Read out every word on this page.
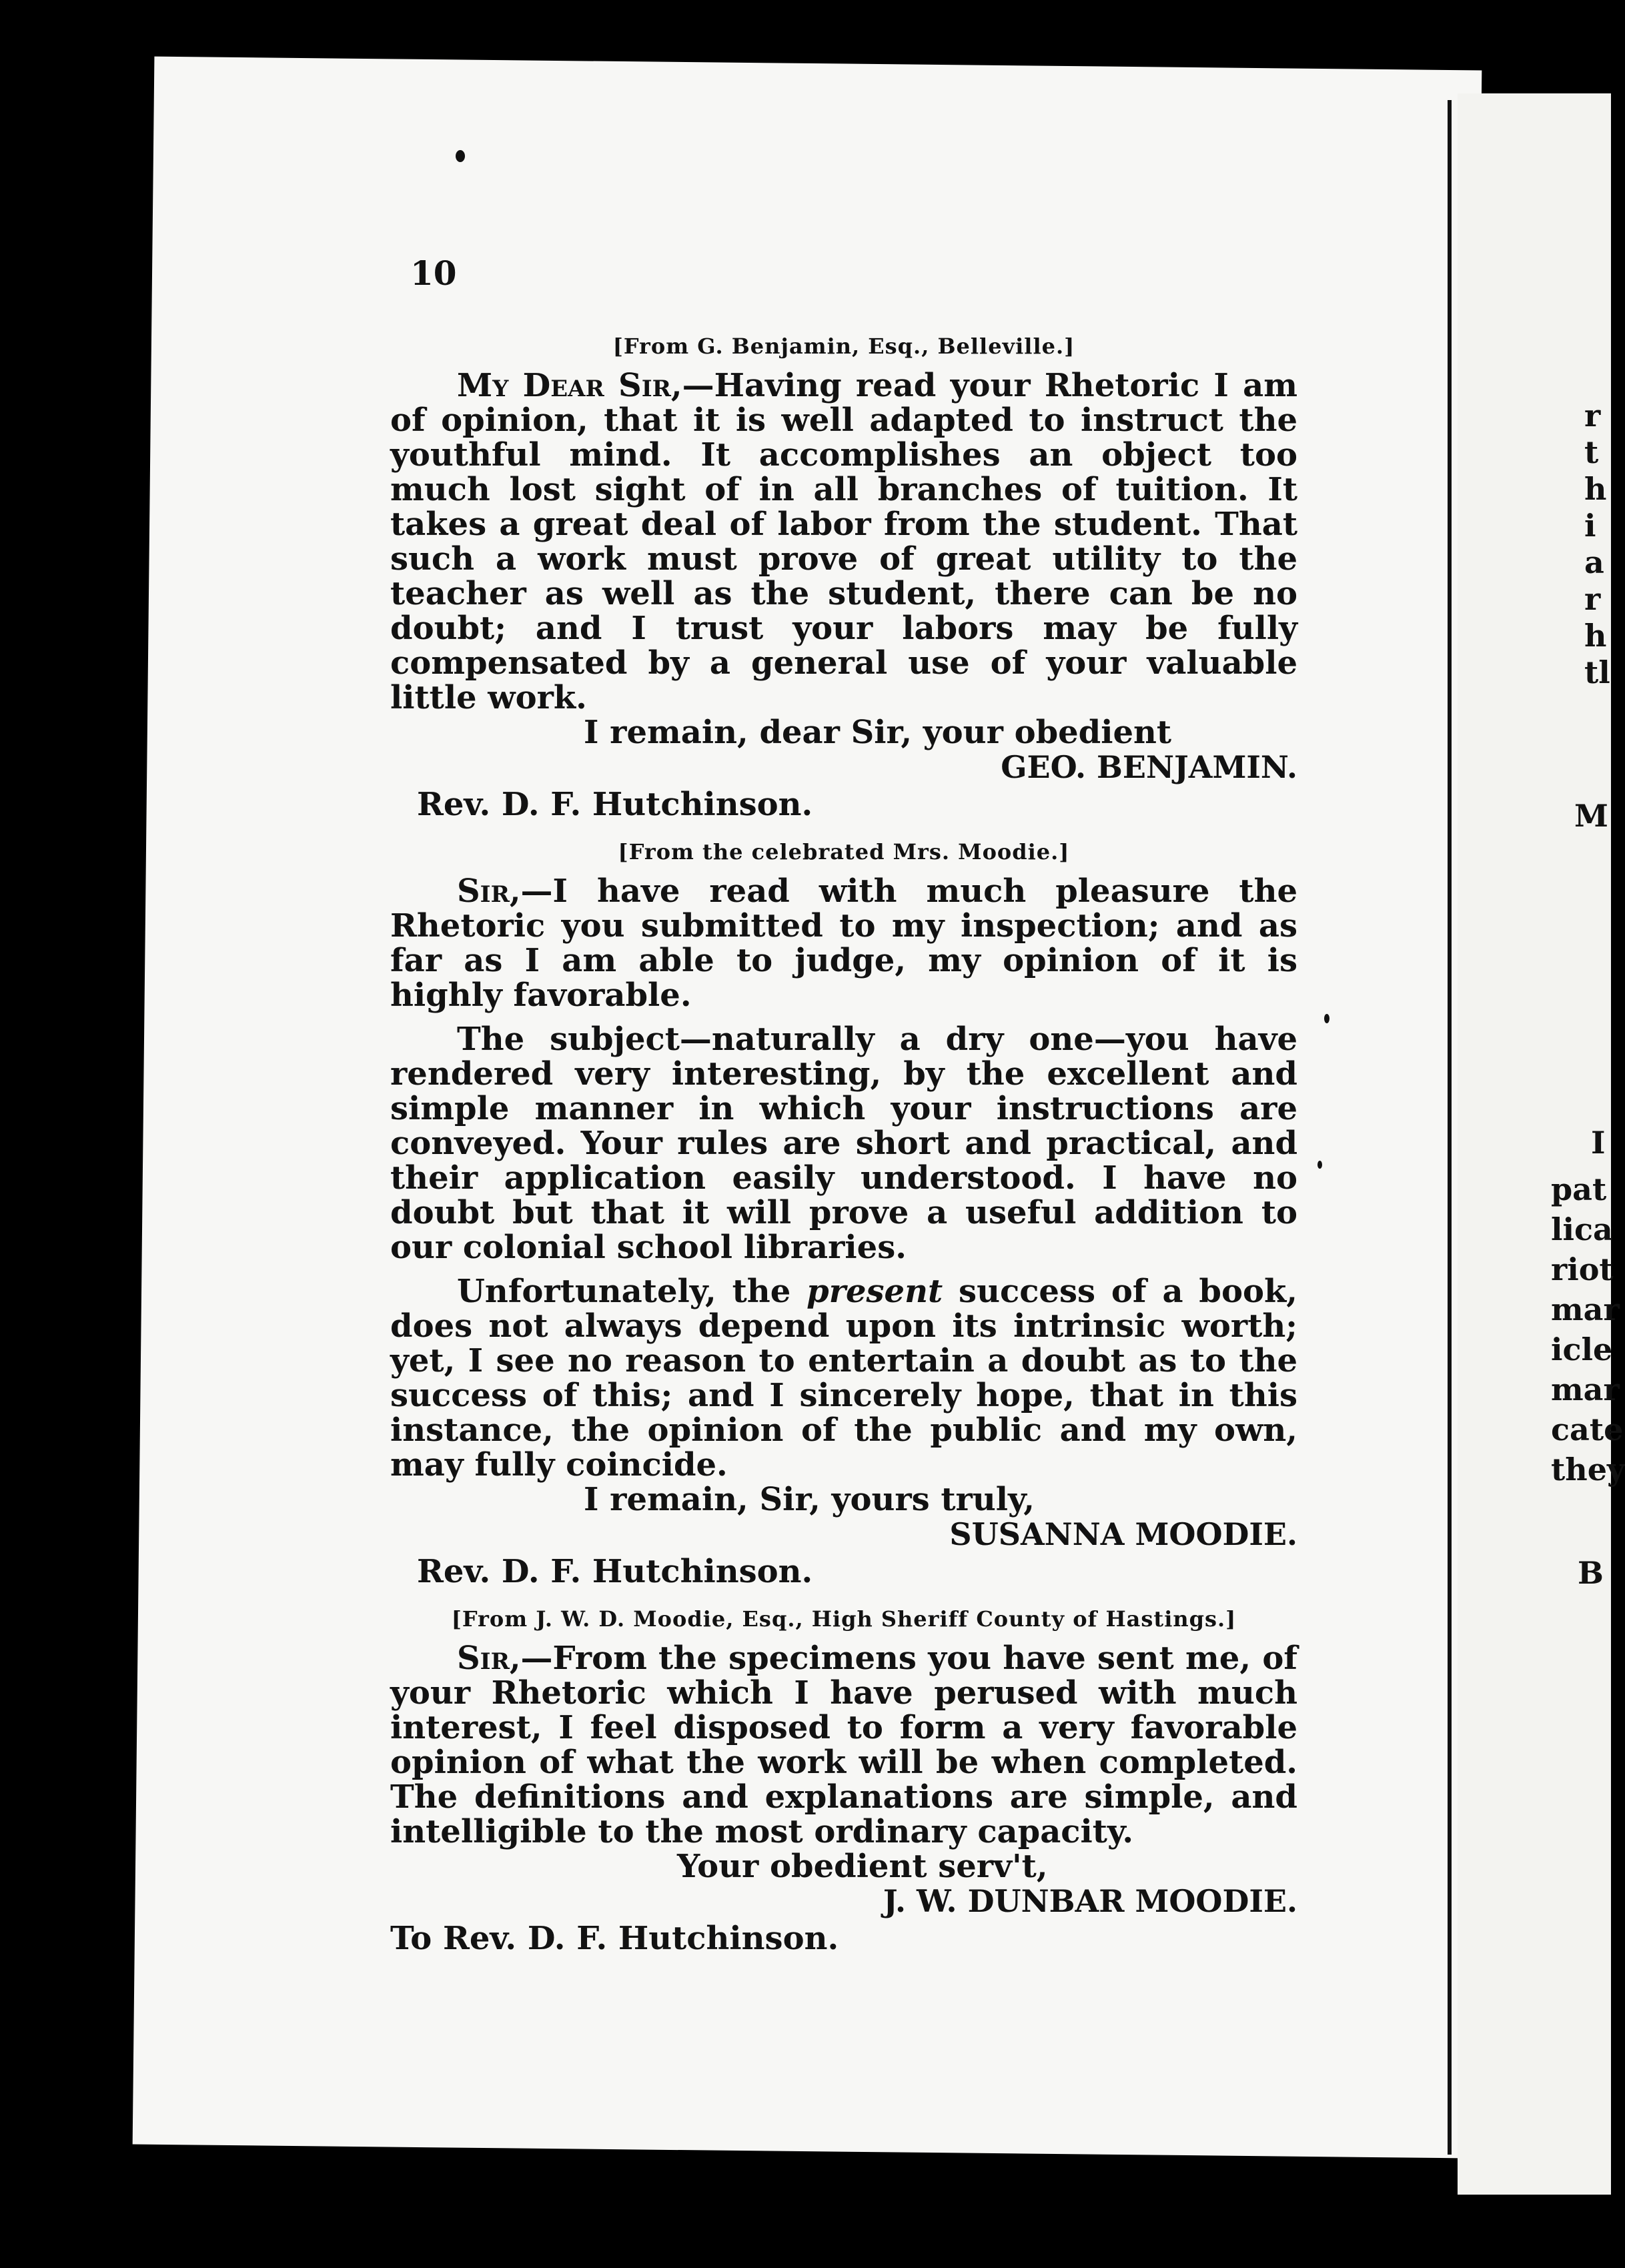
10
r
t
h
i
a
r
h
tl
M
I
pat
lica
riot
mar
icle
mar
cate
they
B
[From G. Benjamin, Esq., Belleville.]

My Dear Sir,—Having read your Rhetoric I am of opinion, that it is well adapted to instruct the youthful mind. It accomplishes an object too much lost sight of in all branches of tuition. It takes a great deal of labor from the student. That such a work must prove of great utility to the teacher as well as the student, there can be no doubt; and I trust your labors may be fully compensated by a general use of your valuable little work.

I remain, dear Sir, your obedient

GEO. BENJAMIN.

Rev. D. F. Hutchinson.

[From the celebrated Mrs. Moodie.]

Sir,—I have read with much pleasure the Rhetoric you submitted to my inspection; and as far as I am able to judge, my opinion of it is highly favorable.

The subject—naturally a dry one—you have rendered very interesting, by the excellent and simple manner in which your instructions are conveyed. Your rules are short and practical, and their application easily understood. I have no doubt but that it will prove a useful addition to our colonial school libraries.

Unfortunately, the present success of a book, does not always depend upon its intrinsic worth; yet, I see no reason to entertain a doubt as to the success of this; and I sincerely hope, that in this instance, the opinion of the public and my own, may fully coincide.

I remain, Sir, yours truly,

SUSANNA MOODIE.

Rev. D. F. Hutchinson.

[From J. W. D. Moodie, Esq., High Sheriff County of Hastings.]

Sir,—From the specimens you have sent me, of your Rhetoric which I have perused with much interest, I feel disposed to form a very favorable opinion of what the work will be when completed. The definitions and explanations are simple, and intelligible to the most ordinary capacity.

Your obedient serv't,

J. W. DUNBAR MOODIE.

To Rev. D. F. Hutchinson.
